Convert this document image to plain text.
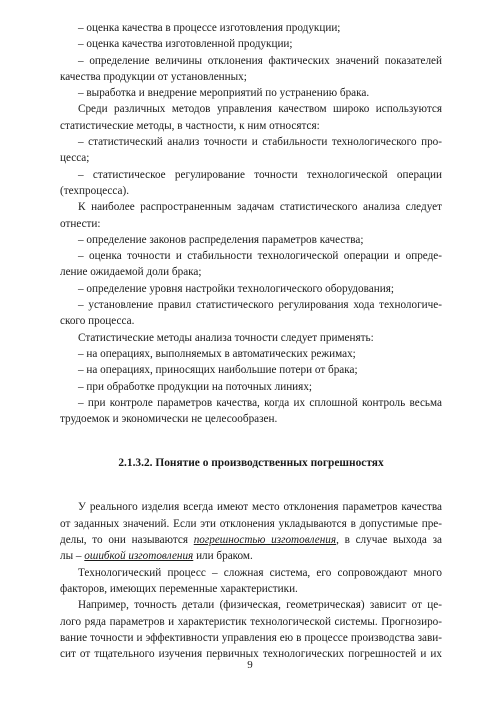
– оценка качества в процессе изготовления продукции;
– оценка качества изготовленной продукции;
– определение величины отклонения фактических значений показателей
качества продукции от установленных;
– выработка и внедрение мероприятий по устранению брака.
Среди различных методов управления качеством широко используются
статистические методы, в частности, к ним относятся:
– статистический анализ точности и стабильности технологического про-
цесса;
– статистическое регулирование точности технологической операции
(техпроцесса).
К наиболее распространенным задачам статистического анализа следует
отнести:
– определение законов распределения параметров качества;
– оценка точности и стабильности технологической операции и опреде-
ление ожидаемой доли брака;
– определение уровня настройки технологического оборудования;
– установление правил статистического регулирования хода технологиче-
ского процесса.
Статистические методы анализа точности следует применять:
– на операциях, выполняемых в автоматических режимах;
– на операциях, приносящих наибольшие потери от брака;
– при обработке продукции на поточных линиях;
– при контроле параметров качества, когда их сплошной контроль весьма
трудоемок и экономически не целесообразен.
2.1.3.2. Понятие о производственных погрешностях
У реального изделия всегда имеют место отклонения параметров качества
от заданных значений. Если эти отклонения укладываются в допустимые пре-
делы, то они называются погрешностью изготовления, в случае выхода за
лы – ошибкой изготовления или браком.
Технологический процесс – сложная система, его сопровождают много
факторов, имеющих переменные характеристики.
Например, точность детали (физическая, геометрическая) зависит от це-
лого ряда параметров и характеристик технологической системы. Прогнозиро-
вание точности и эффективности управления ею в процессе производства зави-
сит от тщательного изучения первичных технологических погрешностей и их
9
